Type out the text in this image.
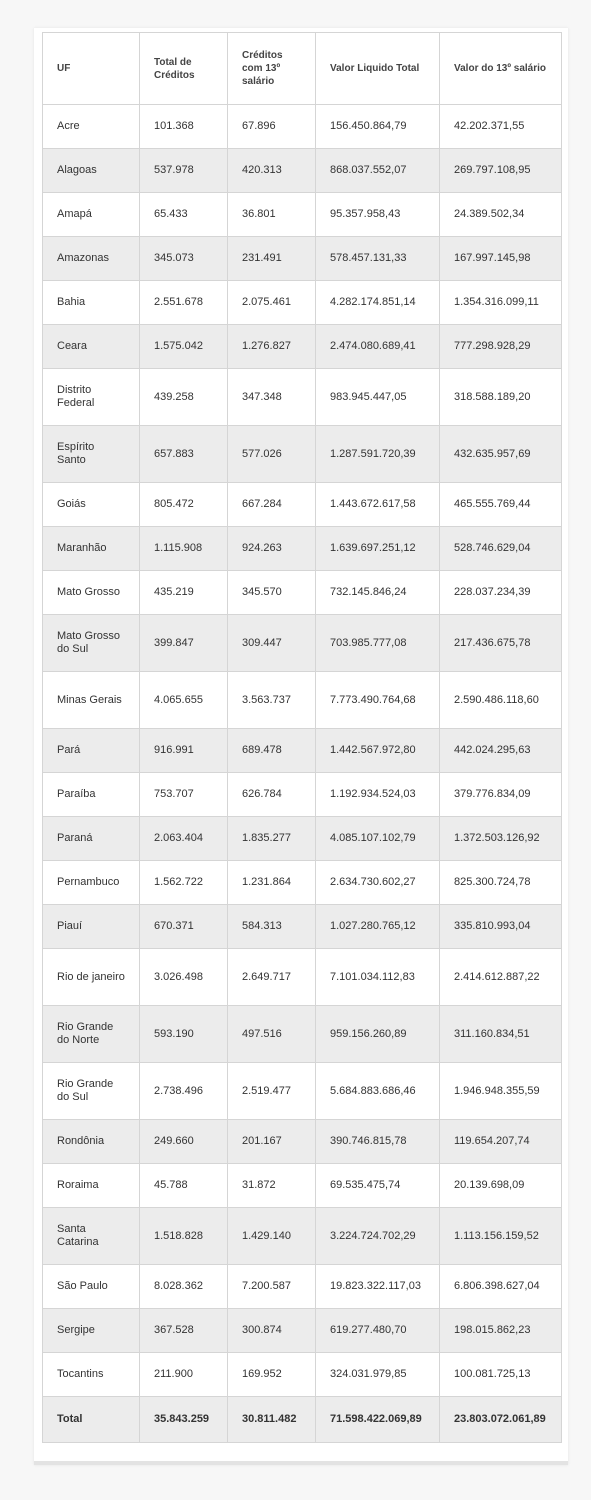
UF	Total de Créditos	Créditos com 13º salário	Valor Liquido Total	Valor do 13º salário
Acre	101.368	67.896	156.450.864,79	42.202.371,55
Alagoas	537.978	420.313	868.037.552,07	269.797.108,95
Amapá	65.433	36.801	95.357.958,43	24.389.502,34
Amazonas	345.073	231.491	578.457.131,33	167.997.145,98
Bahia	2.551.678	2.075.461	4.282.174.851,14	1.354.316.099,11
Ceara	1.575.042	1.276.827	2.474.080.689,41	777.298.928,29
Distrito Federal	439.258	347.348	983.945.447,05	318.588.189,20
Espírito Santo	657.883	577.026	1.287.591.720,39	432.635.957,69
Goiás	805.472	667.284	1.443.672.617,58	465.555.769,44
Maranhão	1.115.908	924.263	1.639.697.251,12	528.746.629,04
Mato Grosso	435.219	345.570	732.145.846,24	228.037.234,39
Mato Grosso do Sul	399.847	309.447	703.985.777,08	217.436.675,78
Minas Gerais	4.065.655	3.563.737	7.773.490.764,68	2.590.486.118,60
Pará	916.991	689.478	1.442.567.972,80	442.024.295,63
Paraíba	753.707	626.784	1.192.934.524,03	379.776.834,09
Paraná	2.063.404	1.835.277	4.085.107.102,79	1.372.503.126,92
Pernambuco	1.562.722	1.231.864	2.634.730.602,27	825.300.724,78
Piauí	670.371	584.313	1.027.280.765,12	335.810.993,04
Rio de janeiro	3.026.498	2.649.717	7.101.034.112,83	2.414.612.887,22
Rio Grande do Norte	593.190	497.516	959.156.260,89	311.160.834,51
Rio Grande do Sul	2.738.496	2.519.477	5.684.883.686,46	1.946.948.355,59
Rondônia	249.660	201.167	390.746.815,78	119.654.207,74
Roraima	45.788	31.872	69.535.475,74	20.139.698,09
Santa Catarina	1.518.828	1.429.140	3.224.724.702,29	1.113.156.159,52
São Paulo	8.028.362	7.200.587	19.823.322.117,03	6.806.398.627,04
Sergipe	367.528	300.874	619.277.480,70	198.015.862,23
Tocantins	211.900	169.952	324.031.979,85	100.081.725,13
Total	35.843.259	30.811.482	71.598.422.069,89	23.803.072.061,89
